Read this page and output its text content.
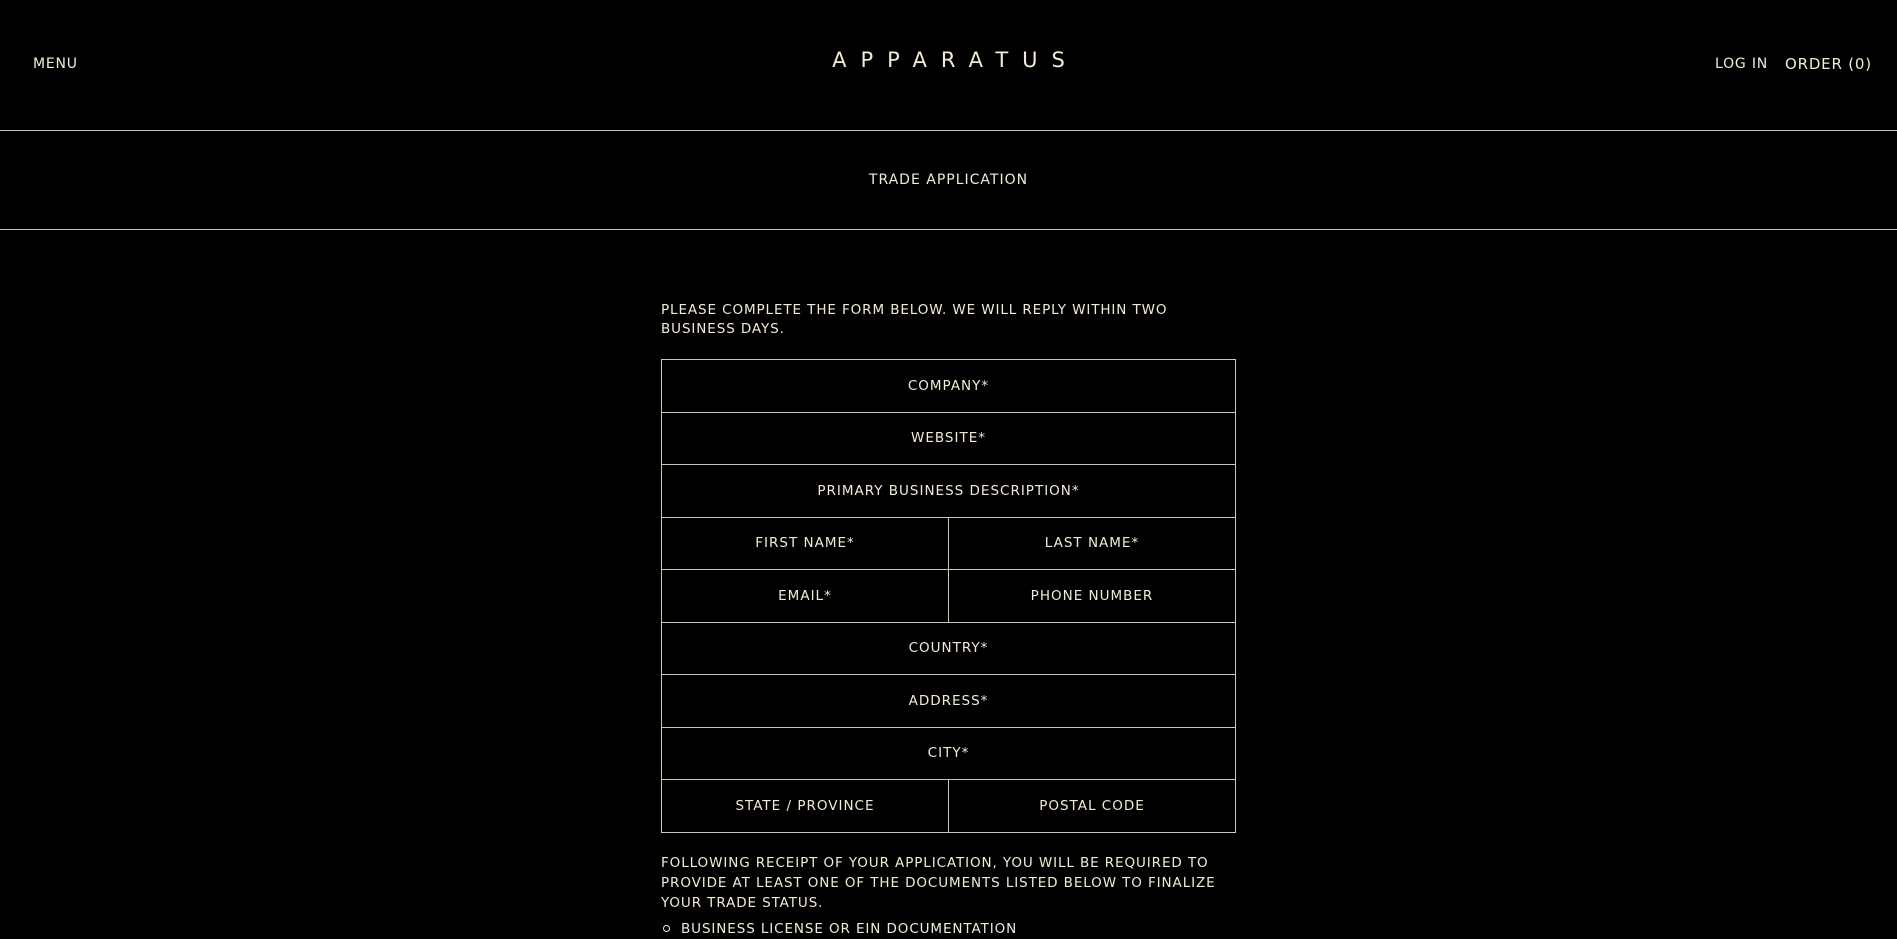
MENU	APPARATUS	LOG IN ORDER (0)
TRADE APPLICATION

PLEASE COMPLETE THE FORM BELOW. WE WILL REPLY WITHIN TWO BUSINESS DAYS.

COMPANY*
WEBSITE*
PRIMARY BUSINESS DESCRIPTION*
FIRST NAME*
LAST NAME*
EMAIL*
PHONE NUMBER
COUNTRY*
ADDRESS*
CITY*
STATE / PROVINCE
POSTAL CODE

FOLLOWING RECEIPT OF YOUR APPLICATION, YOU WILL BE REQUIRED TO PROVIDE AT LEAST ONE OF THE DOCUMENTS LISTED BELOW TO FINALIZE YOUR TRADE STATUS.

BUSINESS LICENSE OR EIN DOCUMENTATION
